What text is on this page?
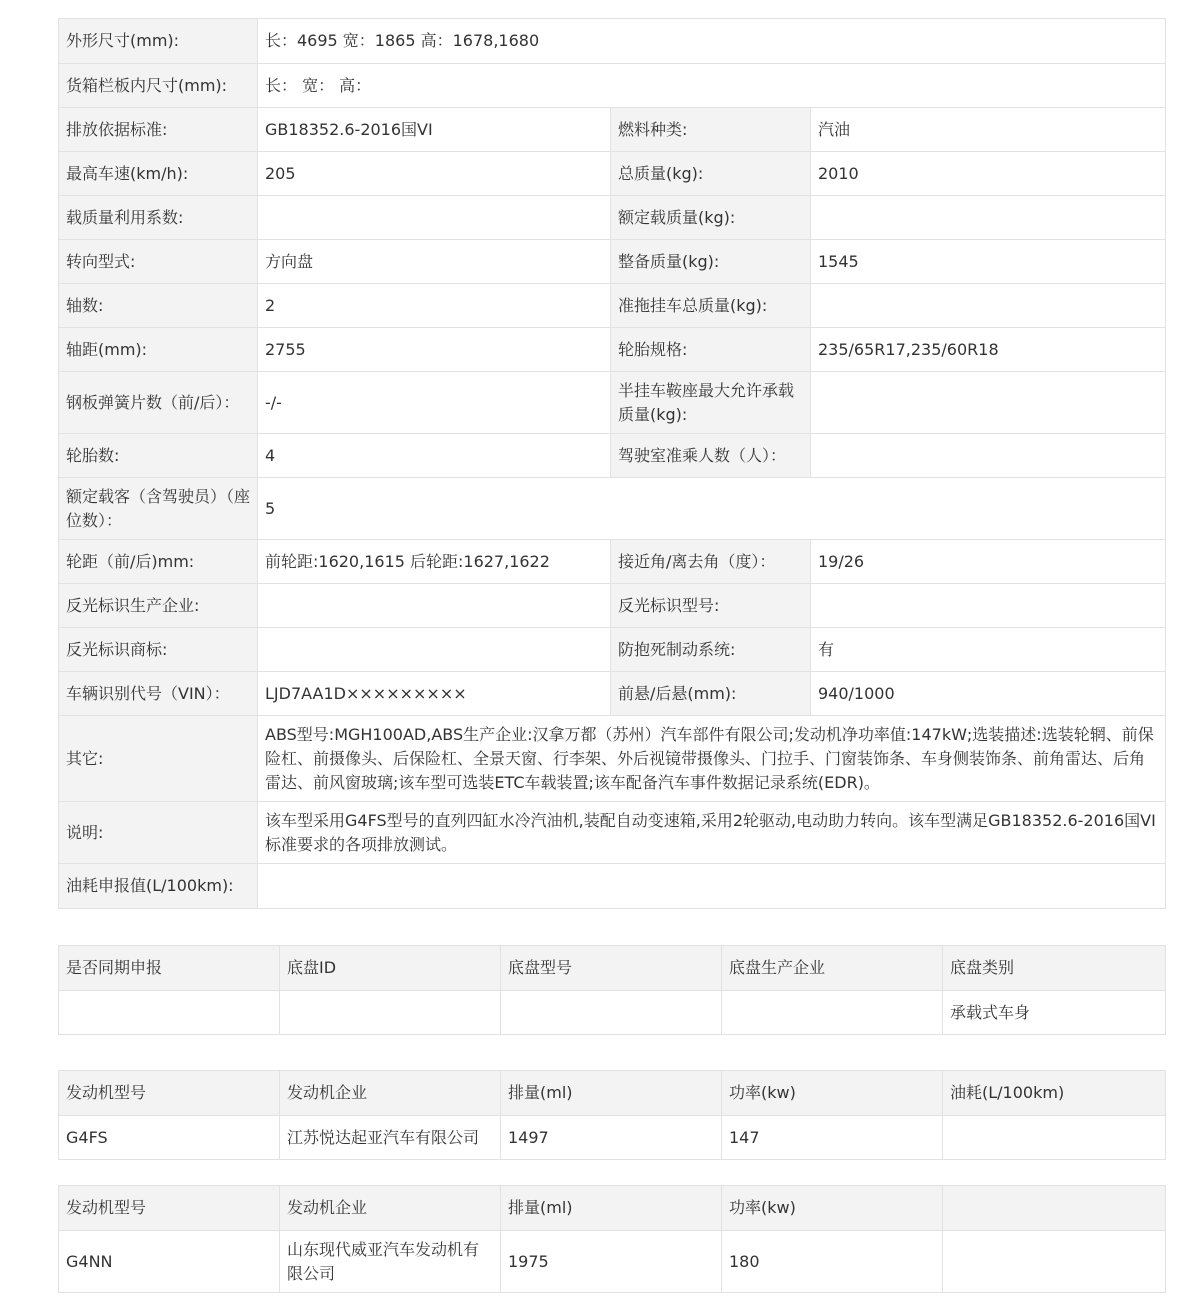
外形尺寸(mm):	长：4695 宽：1865 高：1678,1680		
货箱栏板内尺寸(mm):	长： 宽： 高：		
排放依据标准:	GB18352.6-2016国VI	燃料种类:	汽油
最高车速(km/h):	205	总质量(kg):	2010
载质量利用系数:		额定载质量(kg):	
转向型式:	方向盘	整备质量(kg):	1545
轴数:	2	准拖挂车总质量(kg):	
轴距(mm):	2755	轮胎规格:	235/65R17,235/60R18
钢板弹簧片数（前/后）：	-/-	半挂车鞍座最大允许承载质量(kg):	
轮胎数:	4	驾驶室准乘人数（人）：	
额定载客（含驾驶员）（座位数）：	5		
轮距（前/后)mm:	前轮距:1620,1615 后轮距:1627,1622	接近角/离去角（度）：	19/26
反光标识生产企业:		反光标识型号:	
反光标识商标:		防抱死制动系统:	有
车辆识别代号（VIN）：	LJD7AA1D×××××××××	前悬/后悬(mm):	940/1000
其它:	ABS型号:MGH100AD,ABS生产企业:汉拿万都（苏州）汽车部件有限公司;发动机净功率值:147kW;选装描述:选装轮辋、前保险杠、前摄像头、后保险杠、全景天窗、行李架、外后视镜带摄像头、门拉手、门窗装饰条、车身侧装饰条、前角雷达、后角雷达、前风窗玻璃;该车型可选装ETC车载装置;该车配备汽车事件数据记录系统(EDR)。		
说明:	该车型采用G4FS型号的直列四缸水冷汽油机,装配自动变速箱,采用2轮驱动,电动助力转向。该车型满足GB18352.6-2016国VI标准要求的各项排放测试。		
油耗申报值(L/100km):			
是否同期申报	底盘ID	底盘型号	底盘生产企业	底盘类别
				承载式车身
发动机型号	发动机企业	排量(ml)	功率(kw)	油耗(L/100km)
G4FS	江苏悦达起亚汽车有限公司	1497	147	
发动机型号	发动机企业	排量(ml)	功率(kw)	
G4NN	山东现代威亚汽车发动机有限公司	1975	180	
